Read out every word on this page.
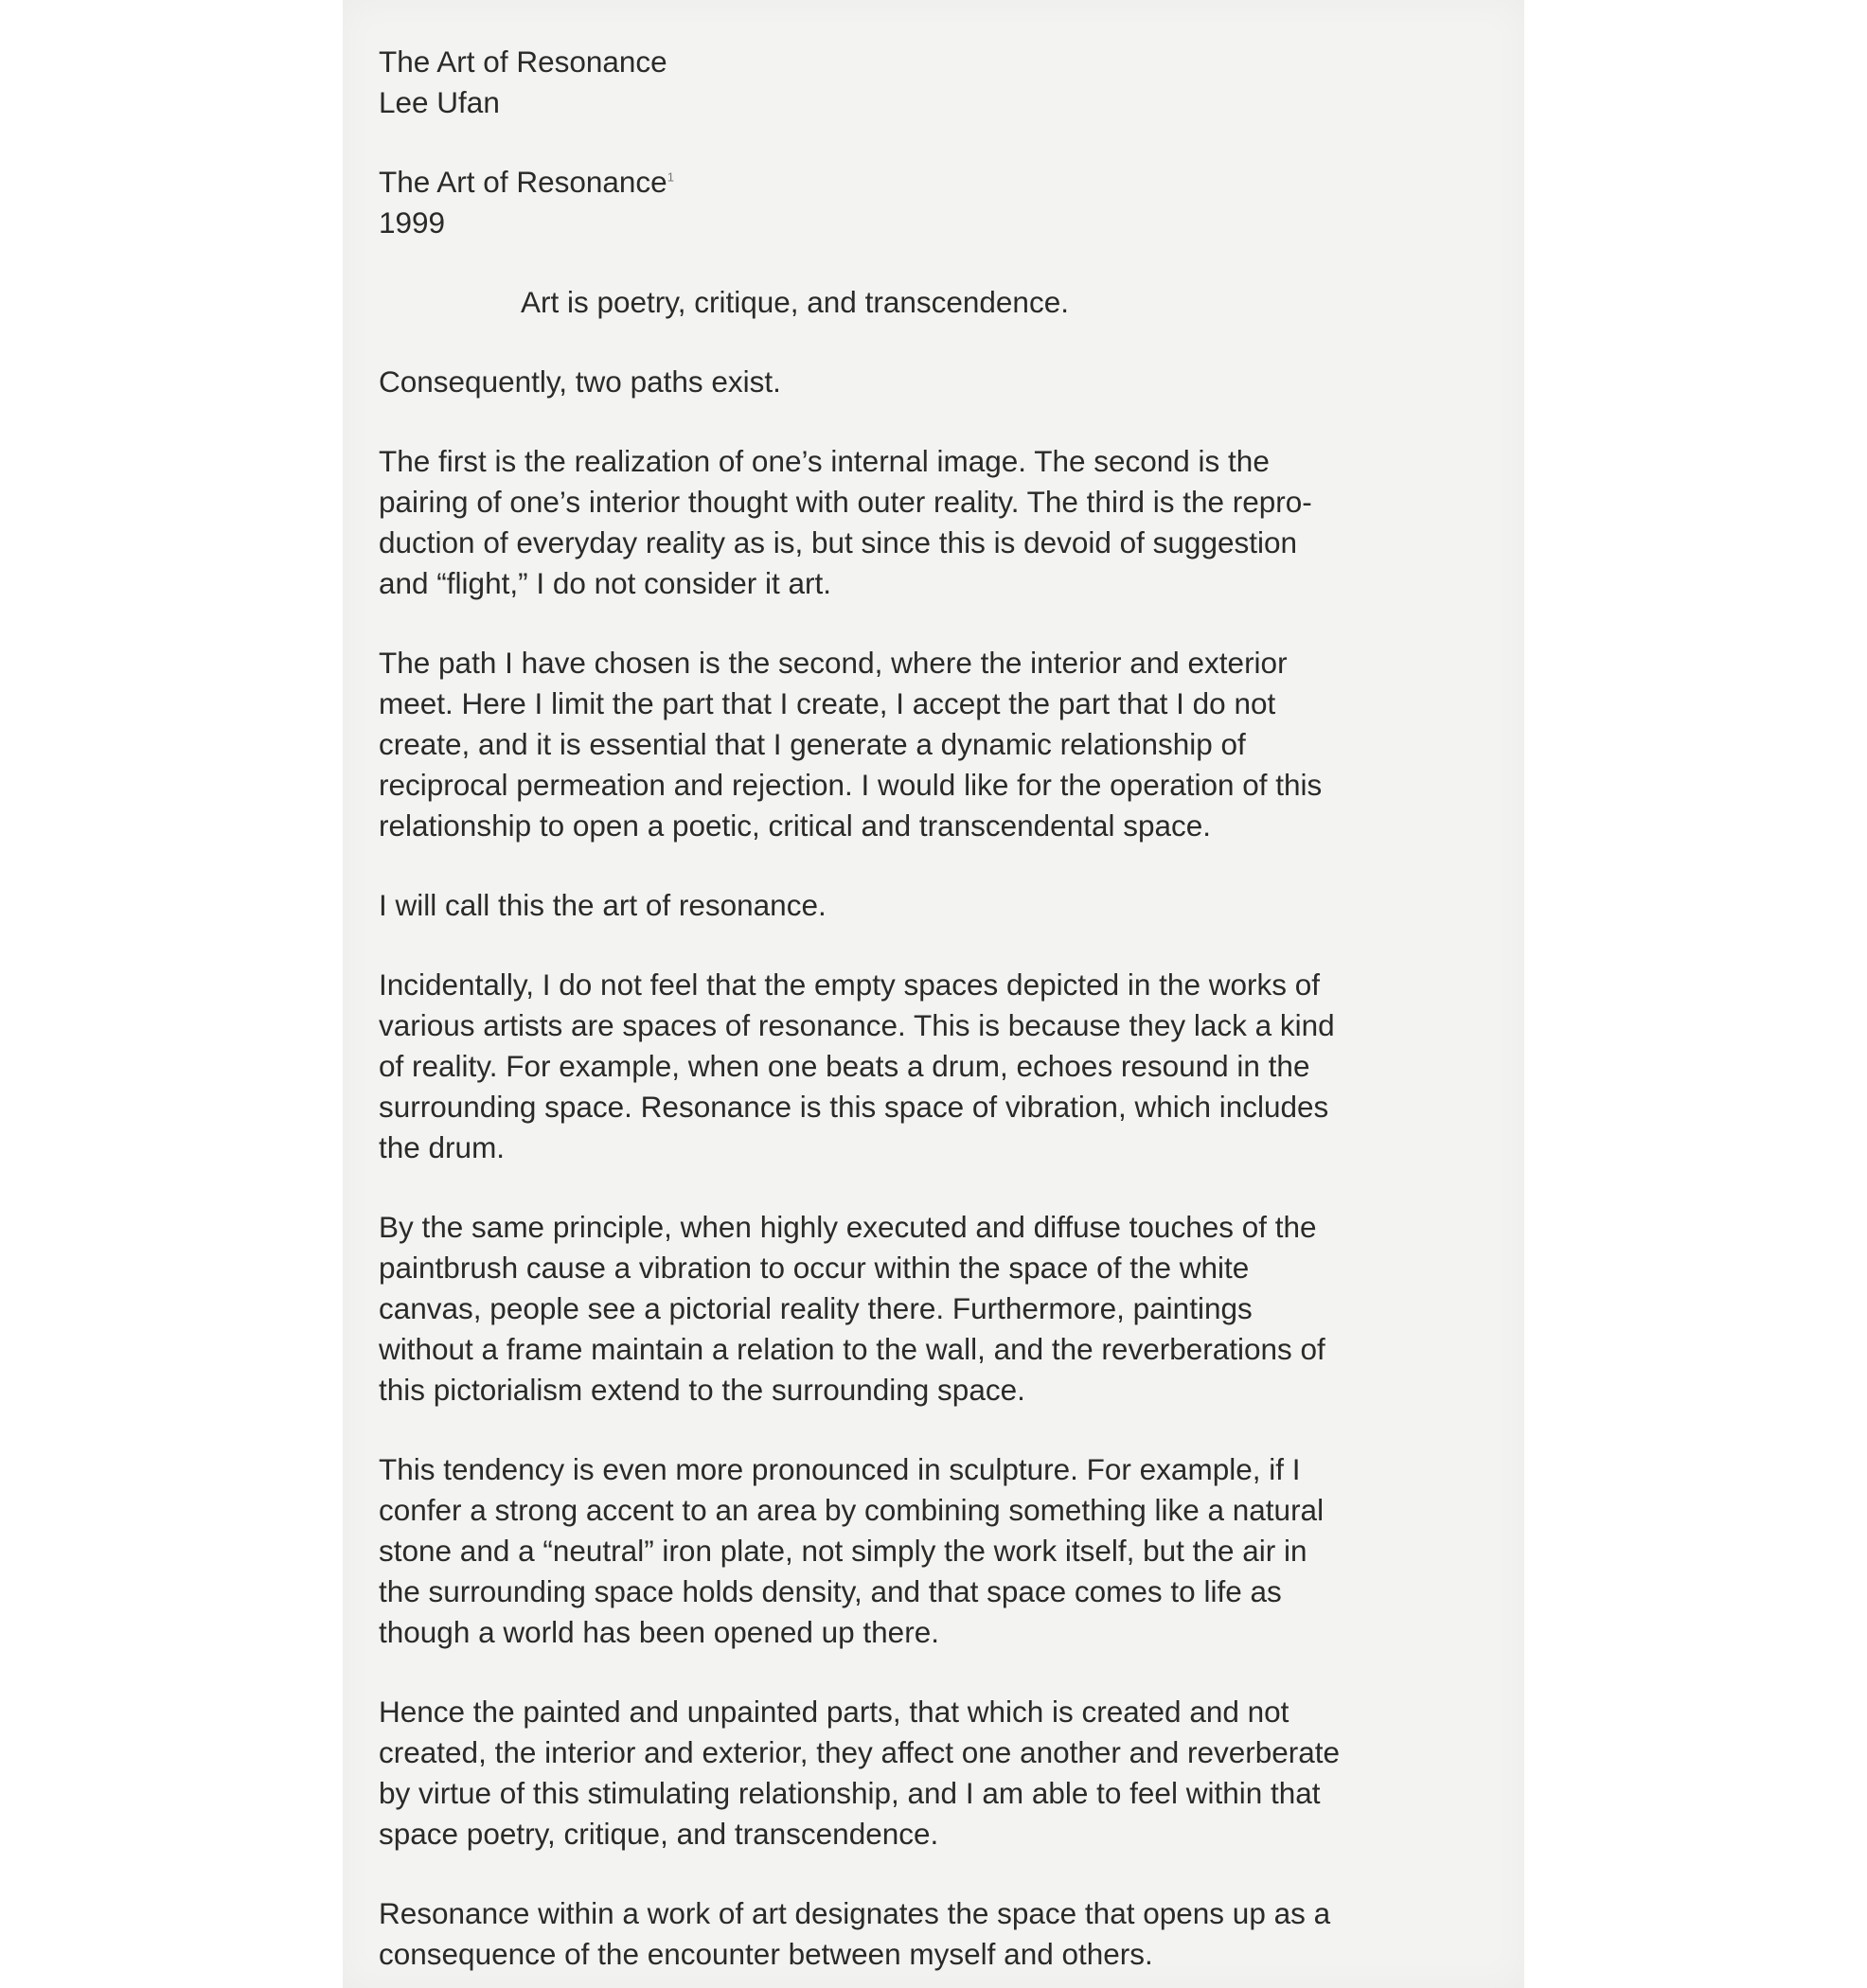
The Art of Resonance
Lee Ufan
The Art of Resonance$^1$
1999
Art is poetry, critique, and transcendence.
Consequently, two paths exist.
The first is the realization of one’s internal image. The second is the
pairing of one’s interior thought with outer reality. The third is the repro-
duction of everyday reality as is, but since this is devoid of suggestion
and “flight,” I do not consider it art.
The path I have chosen is the second, where the interior and exterior
meet. Here I limit the part that I create, I accept the part that I do not
create, and it is essential that I generate a dynamic relationship of
reciprocal permeation and rejection. I would like for the operation of this
relationship to open a poetic, critical and transcendental space.
I will call this the art of resonance.
Incidentally, I do not feel that the empty spaces depicted in the works of
various artists are spaces of resonance. This is because they lack a kind
of reality. For example, when one beats a drum, echoes resound in the
surrounding space. Resonance is this space of vibration, which includes
the drum.
By the same principle, when highly executed and diffuse touches of the
paintbrush cause a vibration to occur within the space of the white
canvas, people see a pictorial reality there. Furthermore, paintings
without a frame maintain a relation to the wall, and the reverberations of
this pictorialism extend to the surrounding space.
This tendency is even more pronounced in sculpture. For example, if I
confer a strong accent to an area by combining something like a natural
stone and a “neutral” iron plate, not simply the work itself, but the air in
the surrounding space holds density, and that space comes to life as
though a world has been opened up there.
Hence the painted and unpainted parts, that which is created and not
created, the interior and exterior, they affect one another and reverberate
by virtue of this stimulating relationship, and I am able to feel within that
space poetry, critique, and transcendence.
Resonance within a work of art designates the space that opens up as a
consequence of the encounter between myself and others.
